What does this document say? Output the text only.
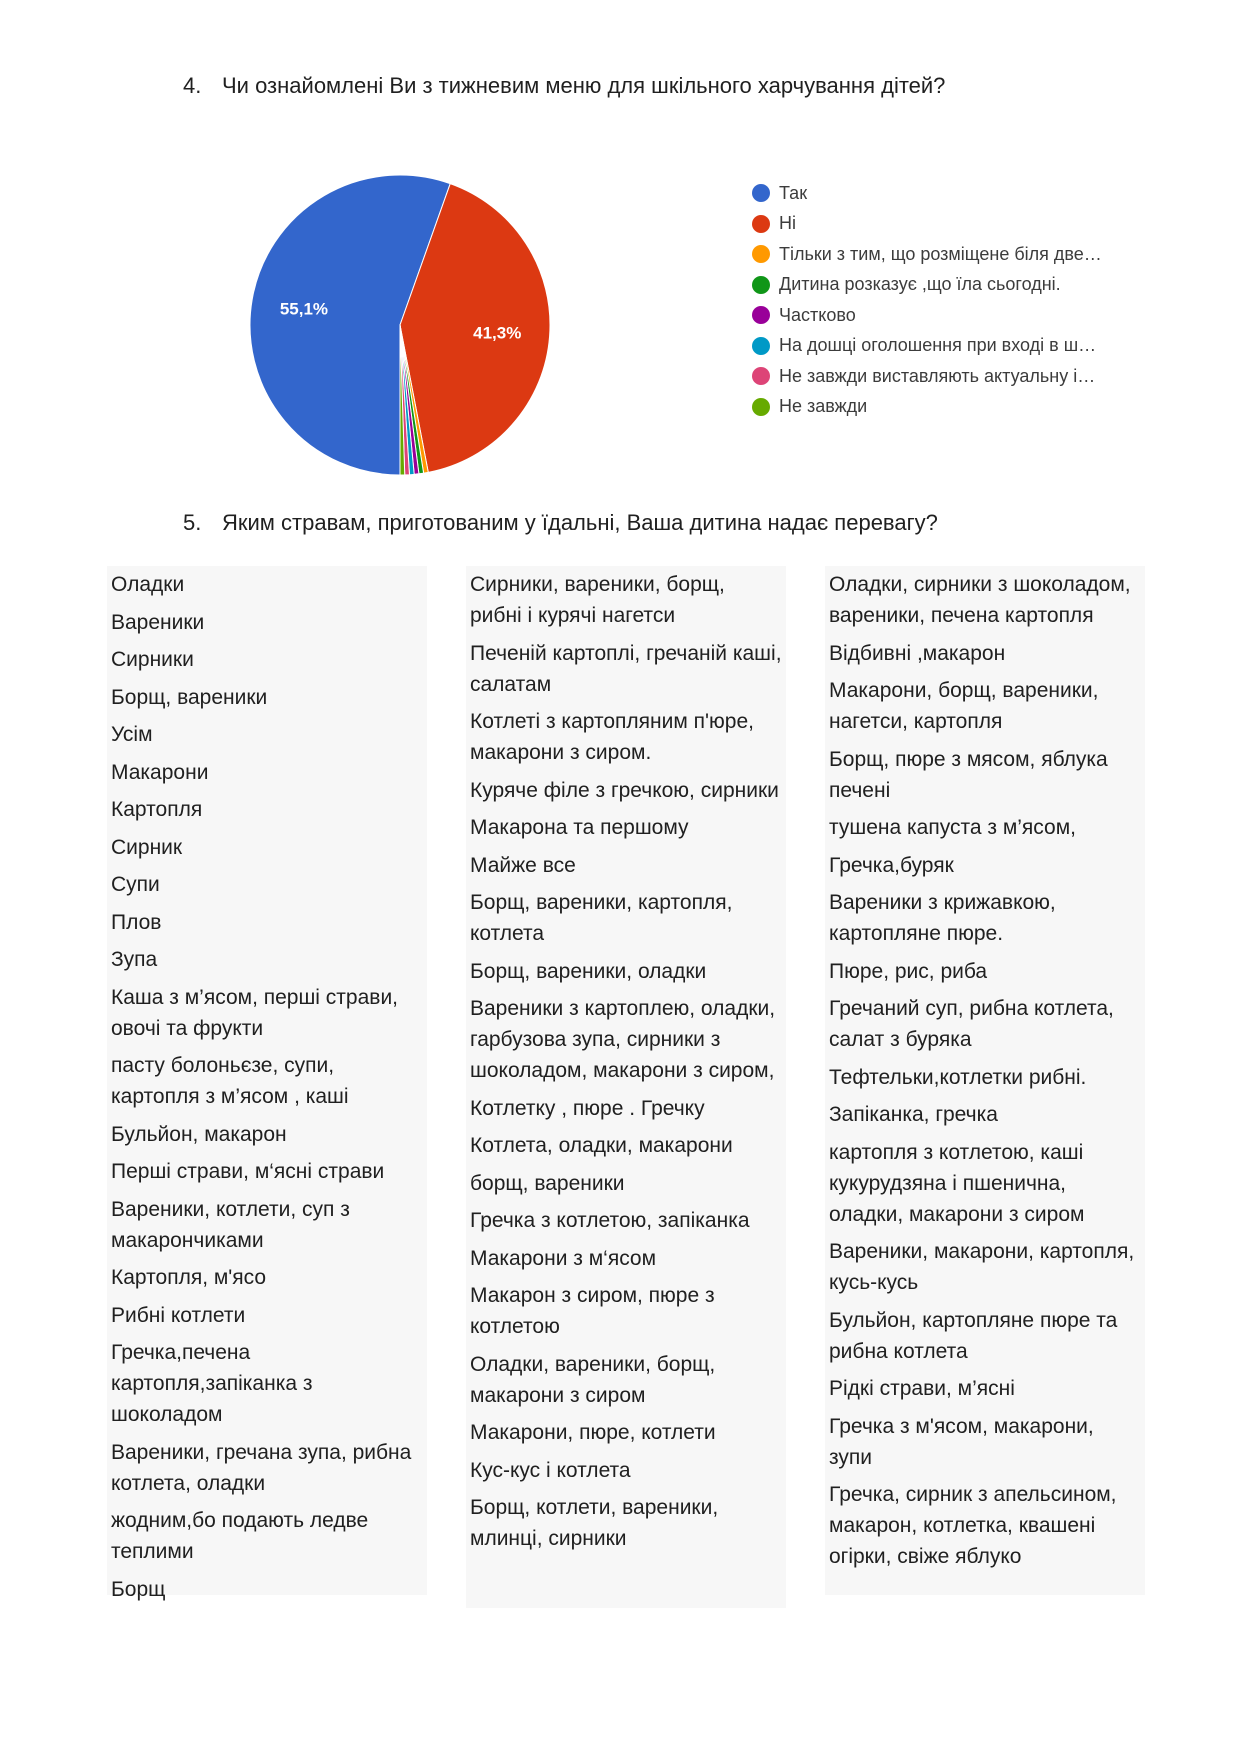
4. Чи ознайомлені Ви з тижневим меню для шкільного харчування дітей?
55,1%
41,3%
Так
Ні
Тільки з тим, що розміщене біля две…
Дитина розказує ,що їла сьогодні.
Частково
На дошці оголошення при вході в ш…
Не завжди виставляють актуальну і…
Не завжди
5. Яким стравам, приготованим у їдальні, Ваша дитина надає перевагу?
Оладки
Вареники
Сирники
Борщ, вареники
Усім
Макарони
Картопля
Сирник
Супи
Плов
Зупа
Каша з м’ясом, перші страви, овочі та фрукти
пасту болоньєзе, супи, картопля з м’ясом , каші
Бульйон, макарон
Перші страви, м‘ясні страви
Вареники, котлети, суп з макарончиками
Картопля, м'ясо
Рибні котлети
Гречка,печена картопля,запіканка з шоколадом
Вареники, гречана зупа, рибна котлета, оладки
жодним,бо подають ледве теплими
Борщ
Сирники, вареники, борщ, рибні і курячі нагетси
Печеній картоплі, гречаній каші, салатам
Котлеті з картопляним п'юре, макарони з сиром.
Куряче філе з гречкою, сирники
Макарона та першому
Майже все
Борщ, вареники, картопля, котлета
Борщ, вареники, оладки
Вареники з картоплею, оладки, гарбузова зупа, сирники з шоколадом, макарони з сиром,
Котлетку , пюре . Гречку
Котлета, оладки, макарони
борщ, вареники
Гречка з котлетою, запіканка
Макарони з м‘ясом
Макарон з сиром, пюре з котлетою
Оладки, вареники, борщ, макарони з сиром
Макарони, пюре, котлети
Кус-кус і котлета
Борщ, котлети, вареники, млинці, сирники
Оладки, сирники з шоколадом, вареники, печена картопля
Відбивні ,макарон
Макарони, борщ, вареники, нагетси, картопля
Борщ, пюре з мясом, яблука печені
тушена капуста з м’ясом,
Гречка,буряк
Вареники з крижавкою, картопляне пюре.
Пюре, рис, риба
Гречаний суп, рибна котлета, салат з буряка
Тефтельки,котлетки рибні.
Запіканка, гречка
картопля з котлетою, каші кукурудзяна і пшенична, оладки, макарони з сиром
Вареники, макарони, картопля, кусь-кусь
Бульйон, картопляне пюре та рибна котлета
Рідкі страви, м’ясні
Гречка з м'ясом, макарони, зупи
Гречка, сирник з апельсином, макарон, котлетка, квашені огірки, свіже яблуко
